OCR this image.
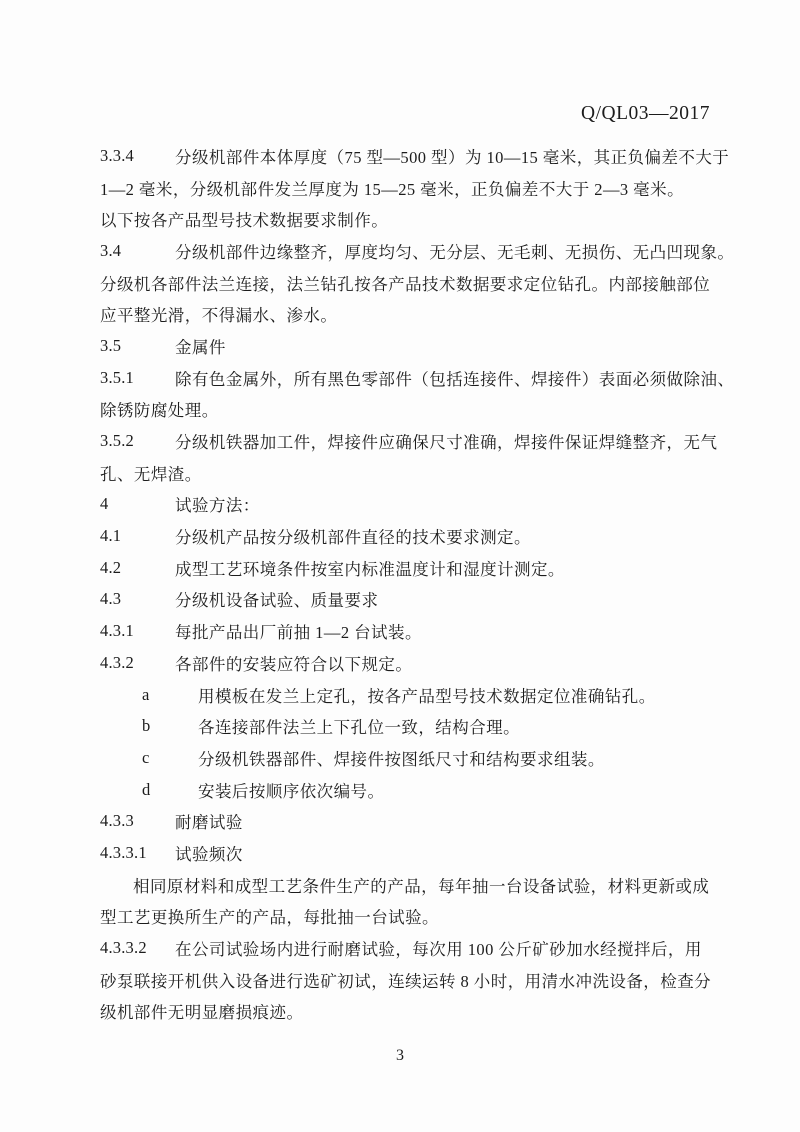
Q/QL03—2017
3.3.4	分级机部件本体厚度（75 型—500 型）为 10—15 毫米，其正负偏差不大于
1—2 毫米，分级机部件发兰厚度为 15—25 毫米，正负偏差不大于 2—3 毫米。
以下按各产品型号技术数据要求制作。
3.4	分级机部件边缘整齐，厚度均匀、无分层、无毛刺、无损伤、无凸凹现象。
分级机各部件法兰连接，法兰钻孔按各产品技术数据要求定位钻孔。内部接触部位
应平整光滑，不得漏水、渗水。
3.5	金属件
3.5.1	除有色金属外，所有黑色零部件（包括连接件、焊接件）表面必须做除油、
除锈防腐处理。
3.5.2	分级机铁器加工件，焊接件应确保尺寸准确，焊接件保证焊缝整齐，无气
孔、无焊渣。
4	试验方法：
4.1	分级机产品按分级机部件直径的技术要求测定。
4.2	成型工艺环境条件按室内标准温度计和湿度计测定。
4.3	分级机设备试验、质量要求
4.3.1	每批产品出厂前抽 1—2 台试装。
4.3.2	各部件的安装应符合以下规定。
a	用模板在发兰上定孔，按各产品型号技术数据定位准确钻孔。
b	各连接部件法兰上下孔位一致，结构合理。
c	分级机铁器部件、焊接件按图纸尺寸和结构要求组装。
d	安装后按顺序依次编号。
4.3.3	耐磨试验
4.3.3.1	试验频次
相同原材料和成型工艺条件生产的产品，每年抽一台设备试验，材料更新或成
型工艺更换所生产的产品，每批抽一台试验。
4.3.3.2	在公司试验场内进行耐磨试验，每次用 100 公斤矿砂加水经搅拌后，用
砂泵联接开机供入设备进行选矿初试，连续运转 8 小时，用清水冲洗设备，检查分
级机部件无明显磨损痕迹。
3
